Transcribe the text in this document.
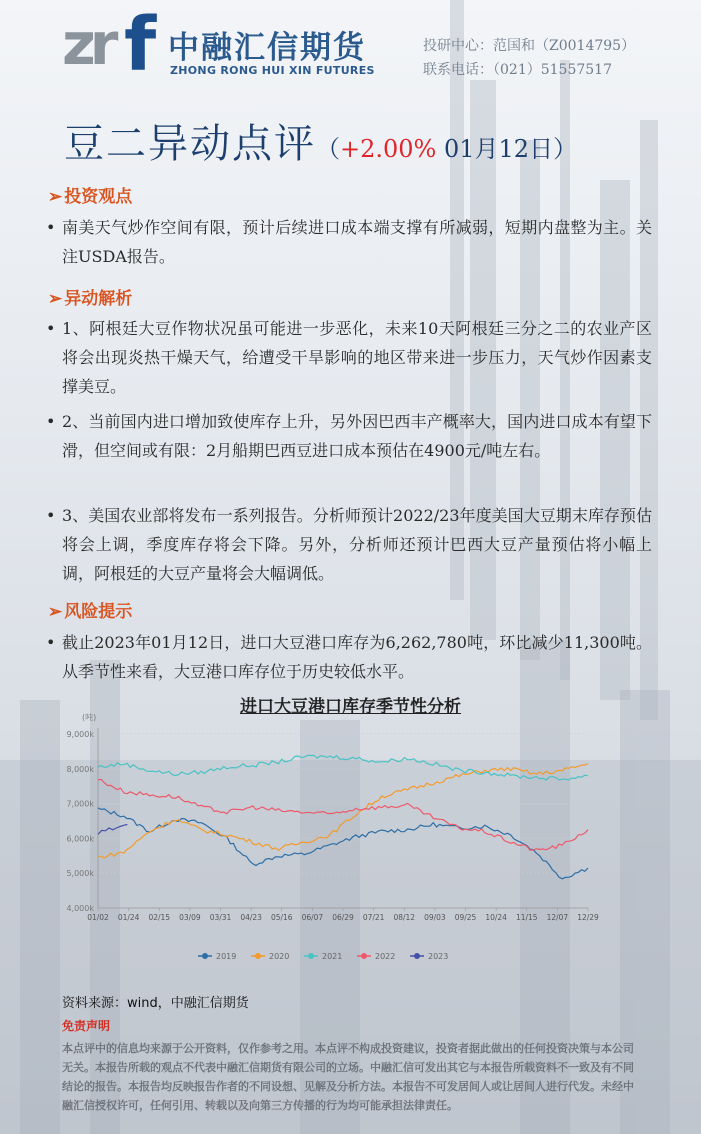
zr f 中融汇信期货
ZHONG RONG HUI XIN FUTURES
投研中心：范国和（Z0014795）
联系电话：（021）51557517
豆二异动点评（+2.00% 01月12日）
➢ 投资观点
• 南美天气炒作空间有限，预计后续进口成本端支撑有所减弱，短期内盘整为主。关注USDA报告。
➢ 异动解析
• 1、阿根廷大豆作物状况虽可能进一步恶化，未来10天阿根廷三分之二的农业产区将会出现炎热干燥天气，给遭受干旱影响的地区带来进一步压力，天气炒作因素支撑美豆。
• 2、当前国内进口增加致使库存上升，另外因巴西丰产概率大，国内进口成本有望下滑，但空间或有限：2月船期巴西豆进口成本预估在4900元/吨左右。
• 3、美国农业部将发布一系列报告。分析师预计2022/23年度美国大豆期末库存预估将会上调，季度库存将会下降。另外，分析师还预计巴西大豆产量预估将小幅上调，阿根廷的大豆产量将会大幅调低。
➢ 风险提示
• 截止2023年01月12日，进口大豆港口库存为6,262,780吨，环比减少11,300吨。从季节性来看，大豆港口库存位于历史较低水平。
进口大豆港口库存季节性分析
(吨)
4,000k
5,000k
6,000k
7,000k
8,000k
9,000k
01/02 01/24 02/15 03/09 03/31 04/23 05/16 06/07 06/29 07/21 08/12 09/03 09/25 10/24 11/15 12/07 12/29
2019	2020	2021	2022	2023
资料来源：wind，中融汇信期货
免责声明
本点评中的信息均来源于公开资料，仅作参考之用。本点评不构成投资建议，投资者据此做出的任何投资决策与本公司无关。本报告所载的观点不代表中融汇信期货有限公司的立场。中融汇信可发出其它与本报告所载资料不一致及有不同结论的报告。本报告均反映报告作者的不同设想、见解及分析方法。本报告不可发居间人或让居间人进行代发。未经中融汇信授权许可，任何引用、转载以及向第三方传播的行为均可能承担法律责任。
